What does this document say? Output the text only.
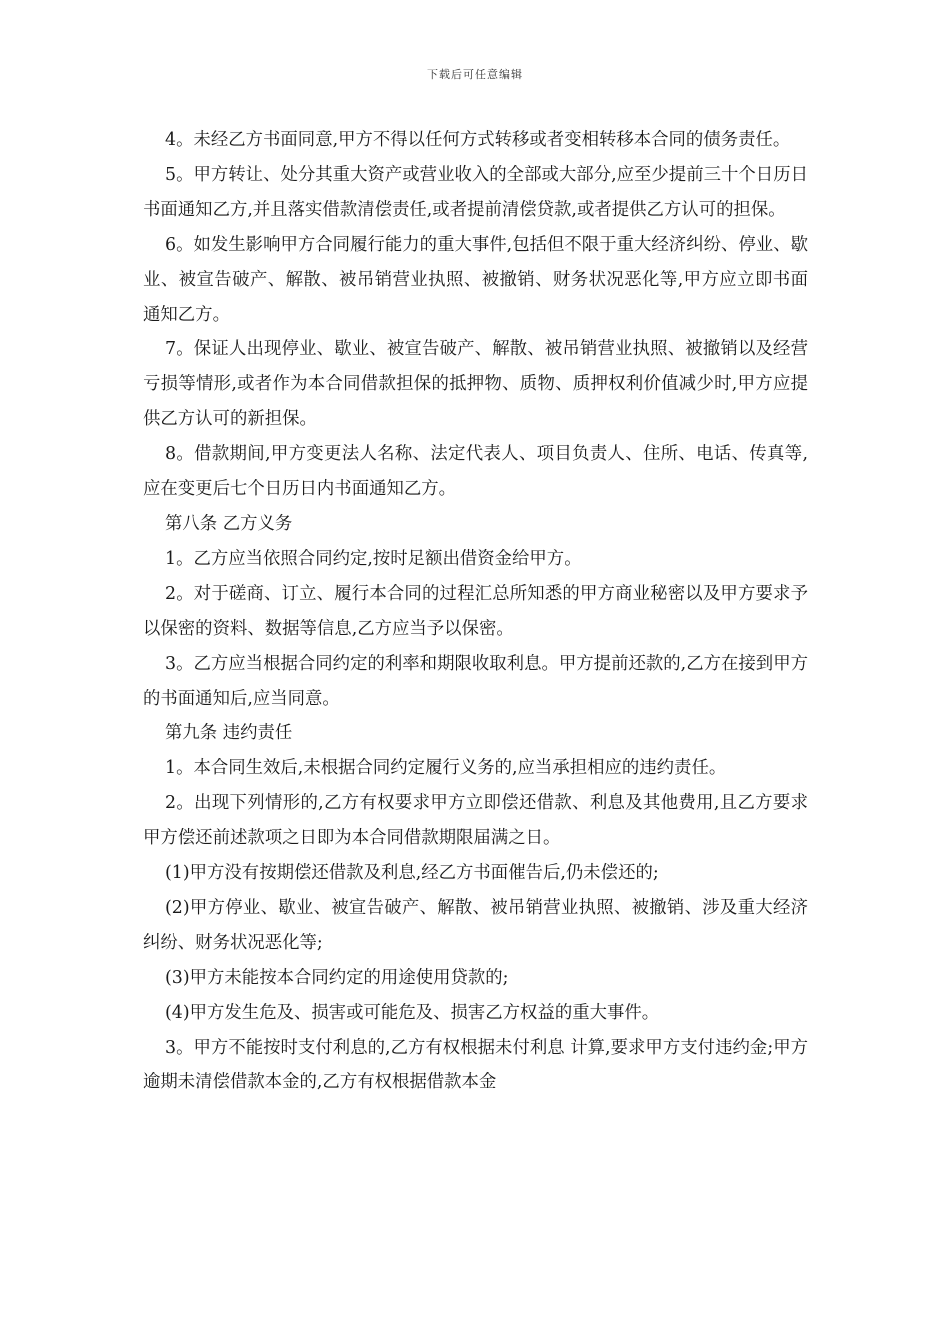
下载后可任意编辑

4。未经乙方书面同意,甲方不得以任何方式转移或者变相转移本合同的债务责任。

5。甲方转让、处分其重大资产或营业收入的全部或大部分,应至少提前三十个日历日书面通知乙方,并且落实借款清偿责任,或者提前清偿贷款,或者提供乙方认可的担保。

6。如发生影响甲方合同履行能力的重大事件,包括但不限于重大经济纠纷、停业、歇业、被宣告破产、解散、被吊销营业执照、被撤销、财务状况恶化等,甲方应立即书面通知乙方。

7。保证人出现停业、歇业、被宣告破产、解散、被吊销营业执照、被撤销以及经营亏损等情形,或者作为本合同借款担保的抵押物、质物、质押权利价值减少时,甲方应提供乙方认可的新担保。

8。借款期间,甲方变更法人名称、法定代表人、项目负责人、住所、电话、传真等,应在变更后七个日历日内书面通知乙方。

第八条 乙方义务

1。乙方应当依照合同约定,按时足额出借资金给甲方。

2。对于磋商、订立、履行本合同的过程汇总所知悉的甲方商业秘密以及甲方要求予以保密的资料、数据等信息,乙方应当予以保密。

3。乙方应当根据合同约定的利率和期限收取利息。甲方提前还款的,乙方在接到甲方的书面通知后,应当同意。

第九条 违约责任

1。本合同生效后,未根据合同约定履行义务的,应当承担相应的违约责任。

2。出现下列情形的,乙方有权要求甲方立即偿还借款、利息及其他费用,且乙方要求甲方偿还前述款项之日即为本合同借款期限届满之日。

(1)甲方没有按期偿还借款及利息,经乙方书面催告后,仍未偿还的;

(2)甲方停业、歇业、被宣告破产、解散、被吊销营业执照、被撤销、涉及重大经济纠纷、财务状况恶化等;

(3)甲方未能按本合同约定的用途使用贷款的;

(4)甲方发生危及、损害或可能危及、损害乙方权益的重大事件。

3。甲方不能按时支付利息的,乙方有权根据未付利息 计算,要求甲方支付违约金;甲方逾期未清偿借款本金的,乙方有权根据借款本金
